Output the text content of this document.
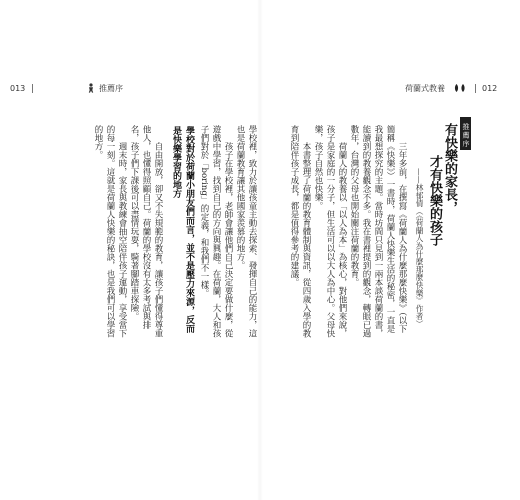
013	推薦序	荷蘭式教養	012
推薦序
有快樂的家長，
才有快樂的孩子
——林郁倩（《荷蘭人為什麼那麼快樂》作者）

三年多前，在撰寫《荷蘭人為什麼那麼快樂》（以下簡稱《快樂》）一書時，荷蘭人快樂生活的秘密，一直是我最想探究的主題。當時坊間只見到一兩本談荷蘭的書，能讀到的教養觀念不多。我在書裡提到的觀念，轉眼已過數年，台灣的父母也開始關注荷蘭的教育。

荷蘭人的教養以「以人為本」為核心，對他們來說，孩子是家庭的一分子，但生活可以以大人為中心。父母快樂，孩子自然也快樂。

本書整理了荷蘭的教育體制與資訊，從四歲入學的教育到陪伴孩子成長，都是值得參考的建議。

學校裡，致力於讓孩童主動去探索、發揮自己的能力，這也是荷蘭教育讓其他國家羨慕的地方。

孩子在學校裡，老師會讓他們自己決定要做什麼，從遊戲中學習，找到自己的方向與興趣。在荷蘭，大人和孩子們對於「boring」的定義，和我們不一樣。

學校對於荷蘭小朋友們而言，並不是壓力來源，反而是快樂學習的地方

自由開放，卻又不失規範的教育，讓孩子們懂得尊重他人，也懂得照顧自己。荷蘭的學校沒有太多考試與排名，孩子們下課後可以盡情玩耍，騎著腳踏車探險。

週末時，家長與教練會抽空陪伴孩子運動，享受當下的每一刻。這就是荷蘭人快樂的秘訣，也是我們可以學習的地方。
